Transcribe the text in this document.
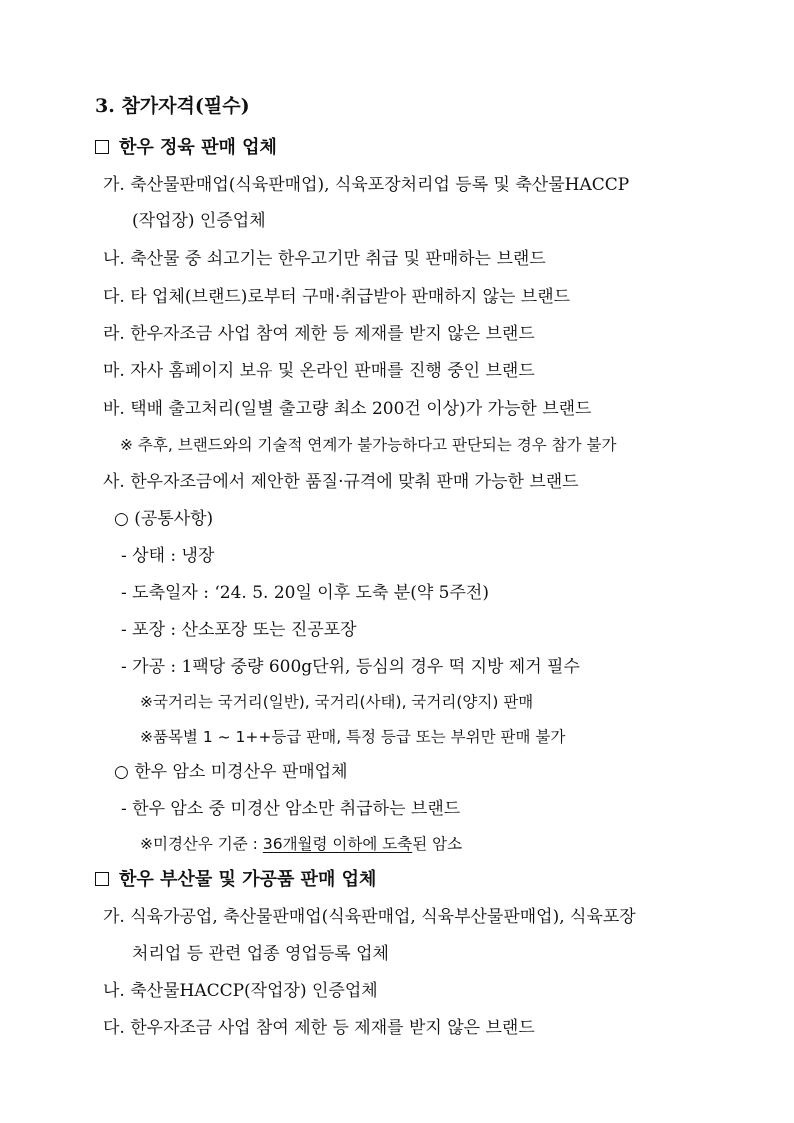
3. 참가자격(필수)
한우 정육 판매 업체
가. 축산물판매업(식육판매업), 식육포장처리업 등록 및 축산물HACCP
(작업장) 인증업체
나. 축산물 중 쇠고기는 한우고기만 취급 및 판매하는 브랜드
다. 타 업체(브랜드)로부터 구매·취급받아 판매하지 않는 브랜드
라. 한우자조금 사업 참여 제한 등 제재를 받지 않은 브랜드
마. 자사 홈페이지 보유 및 온라인 판매를 진행 중인 브랜드
바. 택배 출고처리(일별 출고량 최소 200건 이상)가 가능한 브랜드
※ 추후, 브랜드와의 기술적 연계가 불가능하다고 판단되는 경우 참가 불가
사. 한우자조금에서 제안한 품질·규격에 맞춰 판매 가능한 브랜드
○ (공통사항)
- 상태 : 냉장
- 도축일자 : ‘24. 5. 20일 이후 도축 분(약 5주전)
- 포장 : 산소포장 또는 진공포장
- 가공 : 1팩당 중량 600g단위, 등심의 경우 떡 지방 제거 필수
※국거리는 국거리(일반), 국거리(사태), 국거리(양지) 판매
※품목별 1 ~ 1++등급 판매, 특정 등급 또는 부위만 판매 불가
○ 한우 암소 미경산우 판매업체
- 한우 암소 중 미경산 암소만 취급하는 브랜드
※미경산우 기준 : 36개월령 이하에 도축된 암소
한우 부산물 및 가공품 판매 업체
가. 식육가공업, 축산물판매업(식육판매업, 식육부산물판매업), 식육포장
처리업 등 관련 업종 영업등록 업체
나. 축산물HACCP(작업장) 인증업체
다. 한우자조금 사업 참여 제한 등 제재를 받지 않은 브랜드
